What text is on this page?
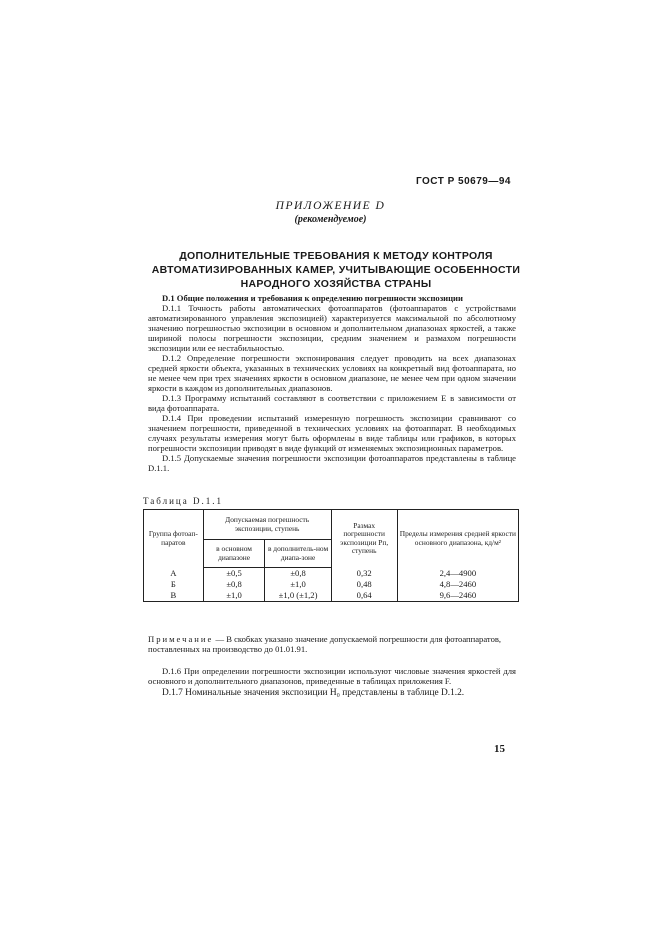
ГОСТ Р 50679—94
ПРИЛОЖЕНИЕ D
(рекомендуемое)
ДОПОЛНИТЕЛЬНЫЕ ТРЕБОВАНИЯ К МЕТОДУ КОНТРОЛЯ
АВТОМАТИЗИРОВАННЫХ КАМЕР, УЧИТЫВАЮЩИЕ ОСОБЕННОСТИ
НАРОДНОГО ХОЗЯЙСТВА СТРАНЫ

D.1 Общие положения и требования к определению погрешности экспозиции

D.1.1 Точность работы автоматических фотоаппаратов (фотоаппаратов с устройствами автоматизированного управления экспозицией) характеризуется максимальной по абсолютному значению погрешностью экспозиции в основном и дополнительном диапазонах яркостей, а также шириной полосы погрешности экспозиции, средним значением и размахом погрешности экспозиции или ее нестабильностью.

D.1.2 Определение погрешности экспонирования следует проводить на всех диапазонах средней яркости объекта, указанных в технических условиях на конкретный вид фотоаппарата, но не менее чем при трех значениях яркости в основном диапазоне, не менее чем при одном значении яркости в каждом из дополнительных диапазонов.

D.1.3 Программу испытаний составляют в соответствии с приложением E в зависимости от вида фотоаппарата.

D.1.4 При проведении испытаний измеренную погрешность экспозиции сравнивают со значением погрешности, приведенной в технических условиях на фотоаппарат. В необходимых случаях результаты измерения могут быть оформлены в виде таблицы или графиков, в которых погрешности экспозиции приводят в виде функций от изменяемых экспозиционных параметров.

D.1.5 Допускаемые значения погрешности экспозиции фотоаппаратов представлены в таблице D.1.1.

Таблица D.1.1
Группа фотоап-паратов	Допускаемая погрешность экспозиции, ступень		Размах погрешности экспозиции Pп, ступень	Пределы измерения средней яркости основного диапазона, кд/м²
	в основном диапазоне	в дополнитель-ном диапа-зоне		
A	±0,5	±0,8	0,32	2,4—4900
Б	±0,8	±1,0	0,48	4,8—2460
В	±1,0	±1,0 (±1,2)	0,64	9,6—2460
Примечание — В скобках указано значение допускаемой погрешности для фотоаппаратов, поставленных на производство до 01.01.91.

D.1.6 При определении погрешности экспозиции используют числовые значения яркостей для основного и дополнительного диапазонов, приведенные в таблицах приложения F.

D.1.7 Номинальные значения экспозиции H₀ представлены в таблице D.1.2.

15
